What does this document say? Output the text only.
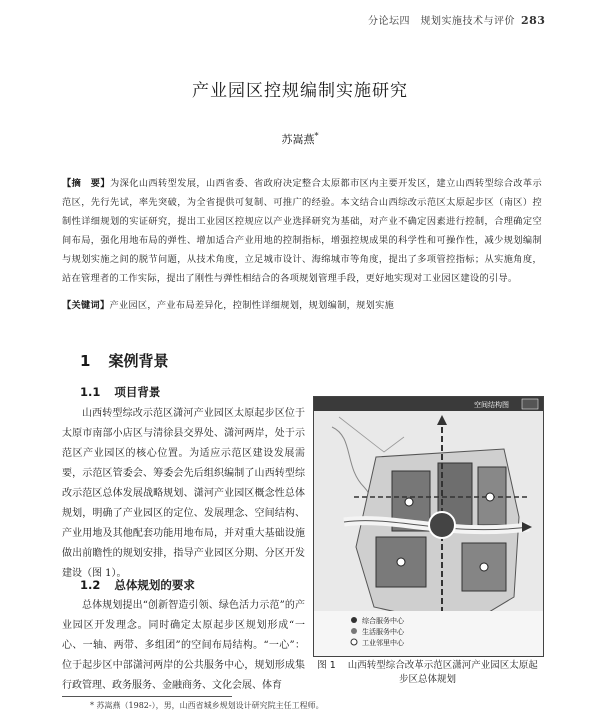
分论坛四　规划实施技术与评价 283
产业园区控规编制实施研究
苏嵩燕*
【摘　要】为深化山西转型发展，山西省委、省政府决定整合太原都市区内主要开发区，建立山西转型综合改革示范区，先行先试，率先突破，为全省提供可复制、可推广的经验。本文结合山西综改示范区太原起步区（南区）控制性详细规划的实证研究，提出工业园区控规应以产业选择研究为基础，对产业不确定因素进行控制，合理确定空间布局，强化用地布局的弹性、增加适合产业用地的控制指标，增强控规成果的科学性和可操作性，减少规划编制与规划实施之间的脱节问题，从技术角度，立足城市设计、海绵城市等角度，提出了多项管控指标；从实施角度，站在管理者的工作实际，提出了刚性与弹性相结合的各项规划管理手段，更好地实现对工业园区建设的引导。
【关键词】产业园区，产业布局差异化，控制性详细规划，规划编制，规划实施
1 案例背景
1.1 项目背景
山西转型综改示范区潇河产业园区太原起步区位于太原市南部小店区与清徐县交界处、潇河两岸，处于示范区产业园区的核心位置。为适应示范区建设发展需要，示范区管委会、筹委会先后组织编制了山西转型综改示范区总体发展战略规划、潇河产业园区概念性总体规划，明确了产业园区的定位、发展理念、空间结构、产业用地及其他配套功能用地布局，并对重大基础设施做出前瞻性的规划安排，指导产业园区分期、分区开发建设（图 1）。
1.2 总体规划的要求
总体规划提出“创新智造引领、绿色活力示范”的产业园区开发理念。同时确定太原起步区规划形成“一心、一轴、两带、多组团”的空间布局结构。“一心”：位于起步区中部潇河两岸的公共服务中心，规划形成集行政管理、政务服务、金融商务、文化会展、体育
空间结构图
综合服务中心
生活服务中心
工业邻里中心
图 1 山西转型综合改革示范区潇河产业园区太原起步区总体规划
* 苏嵩燕（1982-），男，山西省城乡规划设计研究院主任工程师。
